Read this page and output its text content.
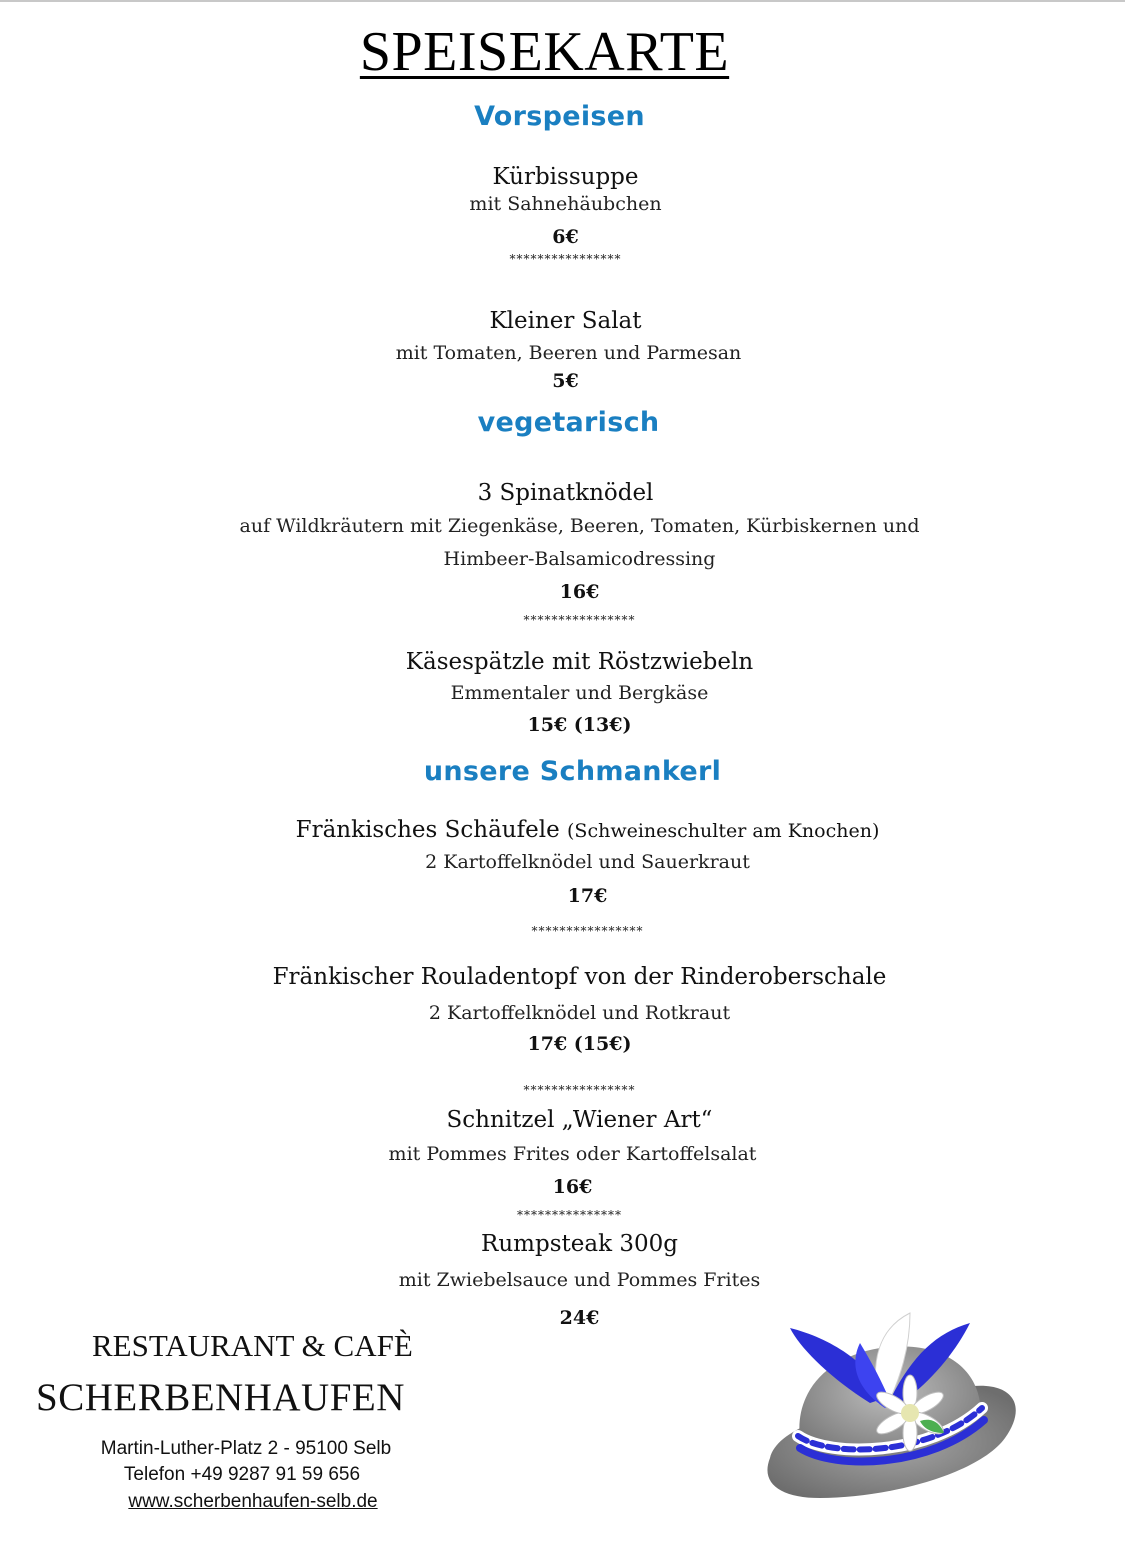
SPEISEKARTE
Vorspeisen
Kürbissuppe
mit Sahnehäubchen
6€
****************
Kleiner Salat
mit Tomaten, Beeren und Parmesan
5€
vegetarisch
3 Spinatknödel
auf Wildkräutern mit Ziegenkäse, Beeren, Tomaten, Kürbiskernen und
Himbeer-Balsamicodressing
16€
****************
Käsespätzle mit Röstzwiebeln
Emmentaler und Bergkäse
15€ (13€)
unsere Schmankerl
Fränkisches Schäufele (Schweineschulter am Knochen)
2 Kartoffelknödel und Sauerkraut
17€
****************
Fränkischer Rouladentopf von der Rinderoberschale
2 Kartoffelknödel und Rotkraut
17€ (15€)
****************
Schnitzel „Wiener Art“
mit Pommes Frites oder Kartoffelsalat
16€
***************
Rumpsteak 300g
mit Zwiebelsauce und Pommes Frites
24€
RESTAURANT & CAFÈ
SCHERBENHAUFEN
Martin-Luther-Platz 2 - 95100 Selb
Telefon +49 9287 91 59 656
www.scherbenhaufen-selb.de
